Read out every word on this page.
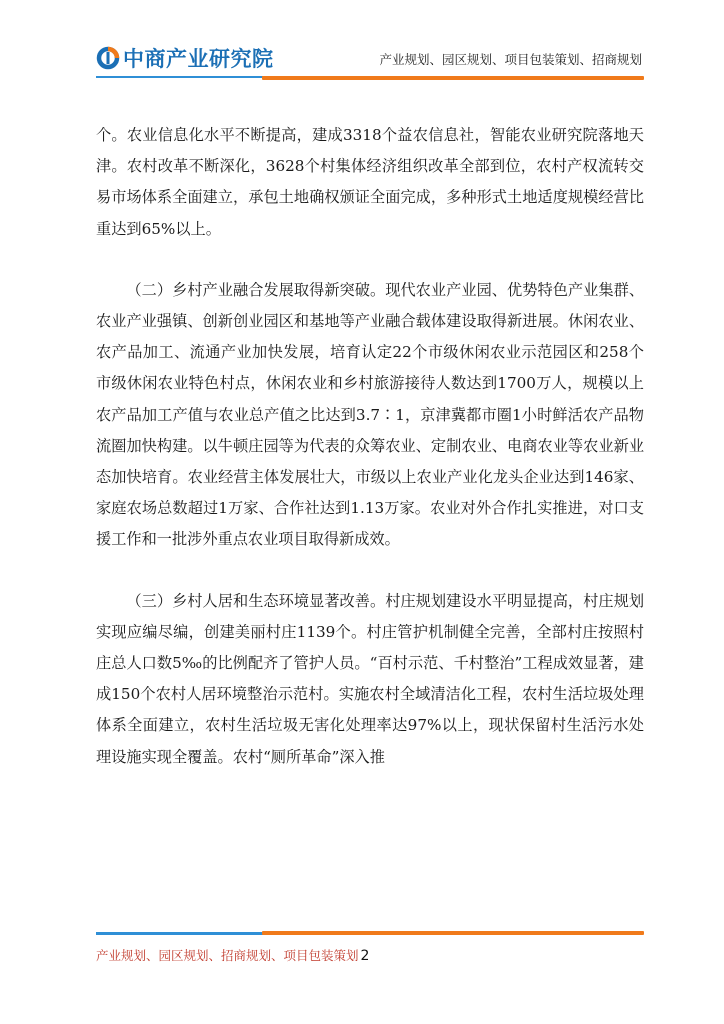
中商产业研究院	产业规划、园区规划、项目包装策划、招商规划

个。农业信息化水平不断提高，建成3318个益农信息社，智能农业研究院落地天津。农村改革不断深化，3628个村集体经济组织改革全部到位，农村产权流转交易市场体系全面建立，承包土地确权颁证全面完成，多种形式土地适度规模经营比重达到65%以上。

（二）乡村产业融合发展取得新突破。现代农业产业园、优势特色产业集群、农业产业强镇、创新创业园区和基地等产业融合载体建设取得新进展。休闲农业、农产品加工、流通产业加快发展，培育认定22个市级休闲农业示范园区和258个市级休闲农业特色村点，休闲农业和乡村旅游接待人数达到1700万人，规模以上农产品加工产值与农业总产值之比达到3.7∶1，京津冀都市圈1小时鲜活农产品物流圈加快构建。以牛顿庄园等为代表的众筹农业、定制农业、电商农业等农业新业态加快培育。农业经营主体发展壮大，市级以上农业产业化龙头企业达到146家、家庭农场总数超过1万家、合作社达到1.13万家。农业对外合作扎实推进，对口支援工作和一批涉外重点农业项目取得新成效。

（三）乡村人居和生态环境显著改善。村庄规划建设水平明显提高，村庄规划实现应编尽编，创建美丽村庄1139个。村庄管护机制健全完善，全部村庄按照村庄总人口数5‰的比例配齐了管护人员。“百村示范、千村整治”工程成效显著，建成150个农村人居环境整治示范村。实施农村全域清洁化工程，农村生活垃圾处理体系全面建立，农村生活垃圾无害化处理率达97%以上，现状保留村生活污水处理设施实现全覆盖。农村“厕所革命”深入推

产业规划、园区规划、招商规划、项目包装策划 2
